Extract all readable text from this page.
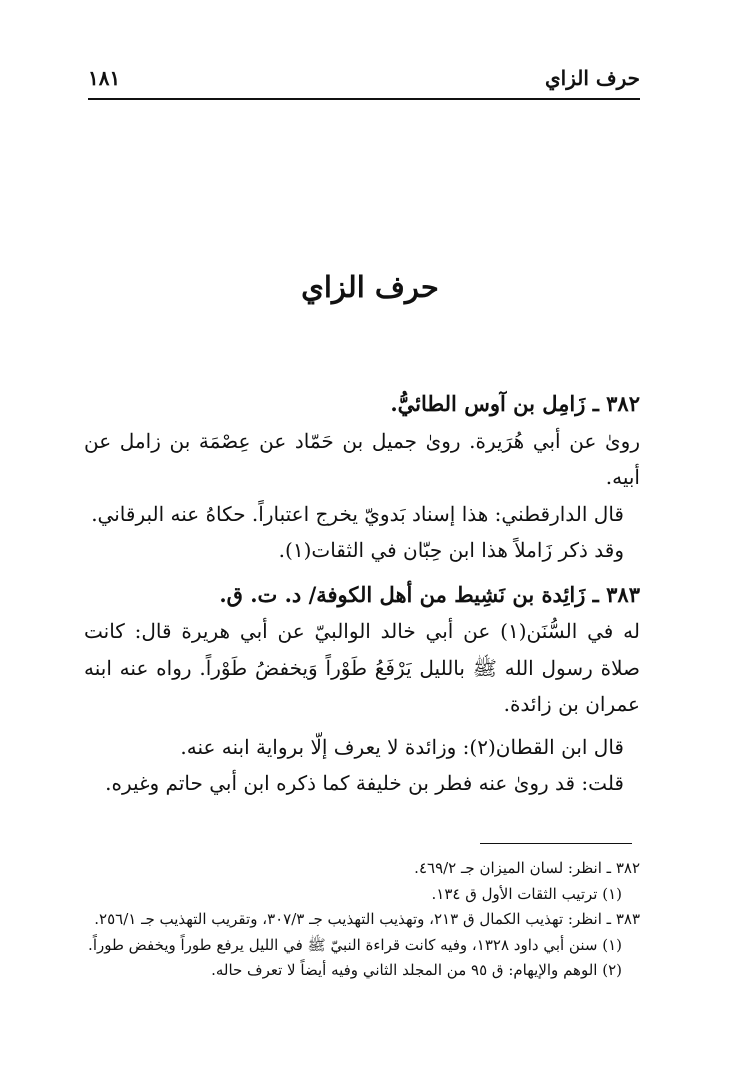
حرف الزاي
١٨١
حرف الزاي

٣٨٢ ـ زَامِل بن آوس الطائيُّ.

روىٰ عن أبي هُرَيرة. روىٰ جميل بن حَمّاد عن عِصْمَة بن زامل عن أبيه.

قال الدارقطني: هذا إسناد بَدويّ يخرج اعتباراً. حكاهُ عنه البرقاني.

وقد ذكر زَاملاً هذا ابن حِبّان في الثقات(١).

٣٨٣ ـ زَائِدة بن نَشِيط من أهل الكوفة/ د. ت. ق.

له في السُّنَن(١) عن أبي خالد الوالبيّ عن أبي هريرة قال: كانت صلاة رسول الله ﷺ بالليل يَرْفَعُ طَوْراً وَيخفضُ طَوْراً. رواه عنه ابنه عمران بن زائدة.

قال ابن القطان(٢): وزائدة لا يعرف إلّا برواية ابنه عنه.

قلت: قد روىٰ عنه فطر بن خليفة كما ذكره ابن أبي حاتم وغيره.

٣٨٢ ـ انظر: لسان الميزان جـ ٤٦٩/٢.

(١) ترتيب الثقات الأول ق ١٣٤.

٣٨٣ ـ انظر: تهذيب الكمال ق ٢١٣، وتهذيب التهذيب جـ ٣٠٧/٣، وتقريب التهذيب جـ ٢٥٦/١.

(١) سنن أبي داود ١٣٢٨، وفيه كانت قراءة النبيّ ﷺ في الليل يرفع طوراً ويخفض طوراً.

(٢) الوهم والإيهام: ق ٩٥ من المجلد الثاني وفيه أيضاً لا تعرف حاله.
